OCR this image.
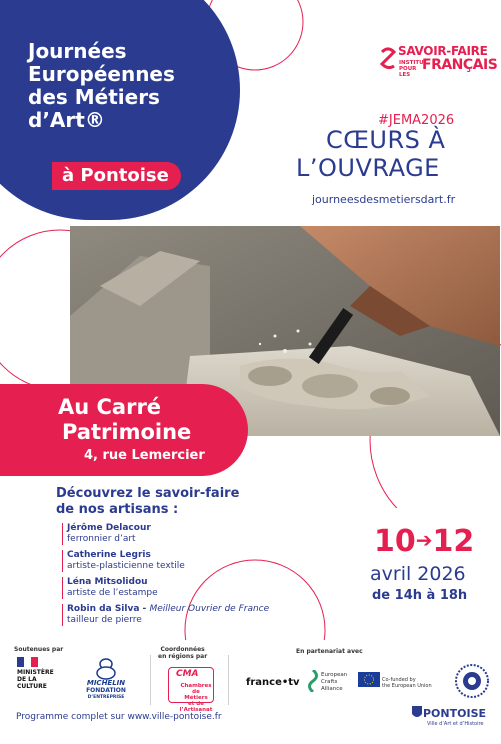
Journées
Européennes
des Métiers
d’Art®
à Pontoise
SAVOIR-FAIRE
INSTITUT
POUR LES
FRANÇAIS
#JEMA2026
CŒURS À
L’OUVRAGE
journeesdesmetiersdart.fr
Au Carré
Patrimoine
4, rue Lemercier
Découvrez le savoir-faire
de nos artisans :
Jérôme Delacour
ferronnier d’art
Catherine Legris
artiste-plasticienne textile
Léna Mitsolidou
artiste de l’estampe
Robin da Silva - Meilleur Ouvrier de France
tailleur de pierre
10➔12
avril 2026
de 14h à 18h
Soutenues par	Coordonnées
en régions par
En partenariat avec
MINISTÈRE
DE LA CULTURE	MICHELIN
FONDATION
D’ENTREPRISE
CMA
Chambres de
Métiers
et de l’Artisanat
france•tv
European
Crafts
Alliance
Co-funded by
the European Union
Programme complet sur www.ville-pontoise.fr	PONTOISE
Ville d’Art et d’Histoire
